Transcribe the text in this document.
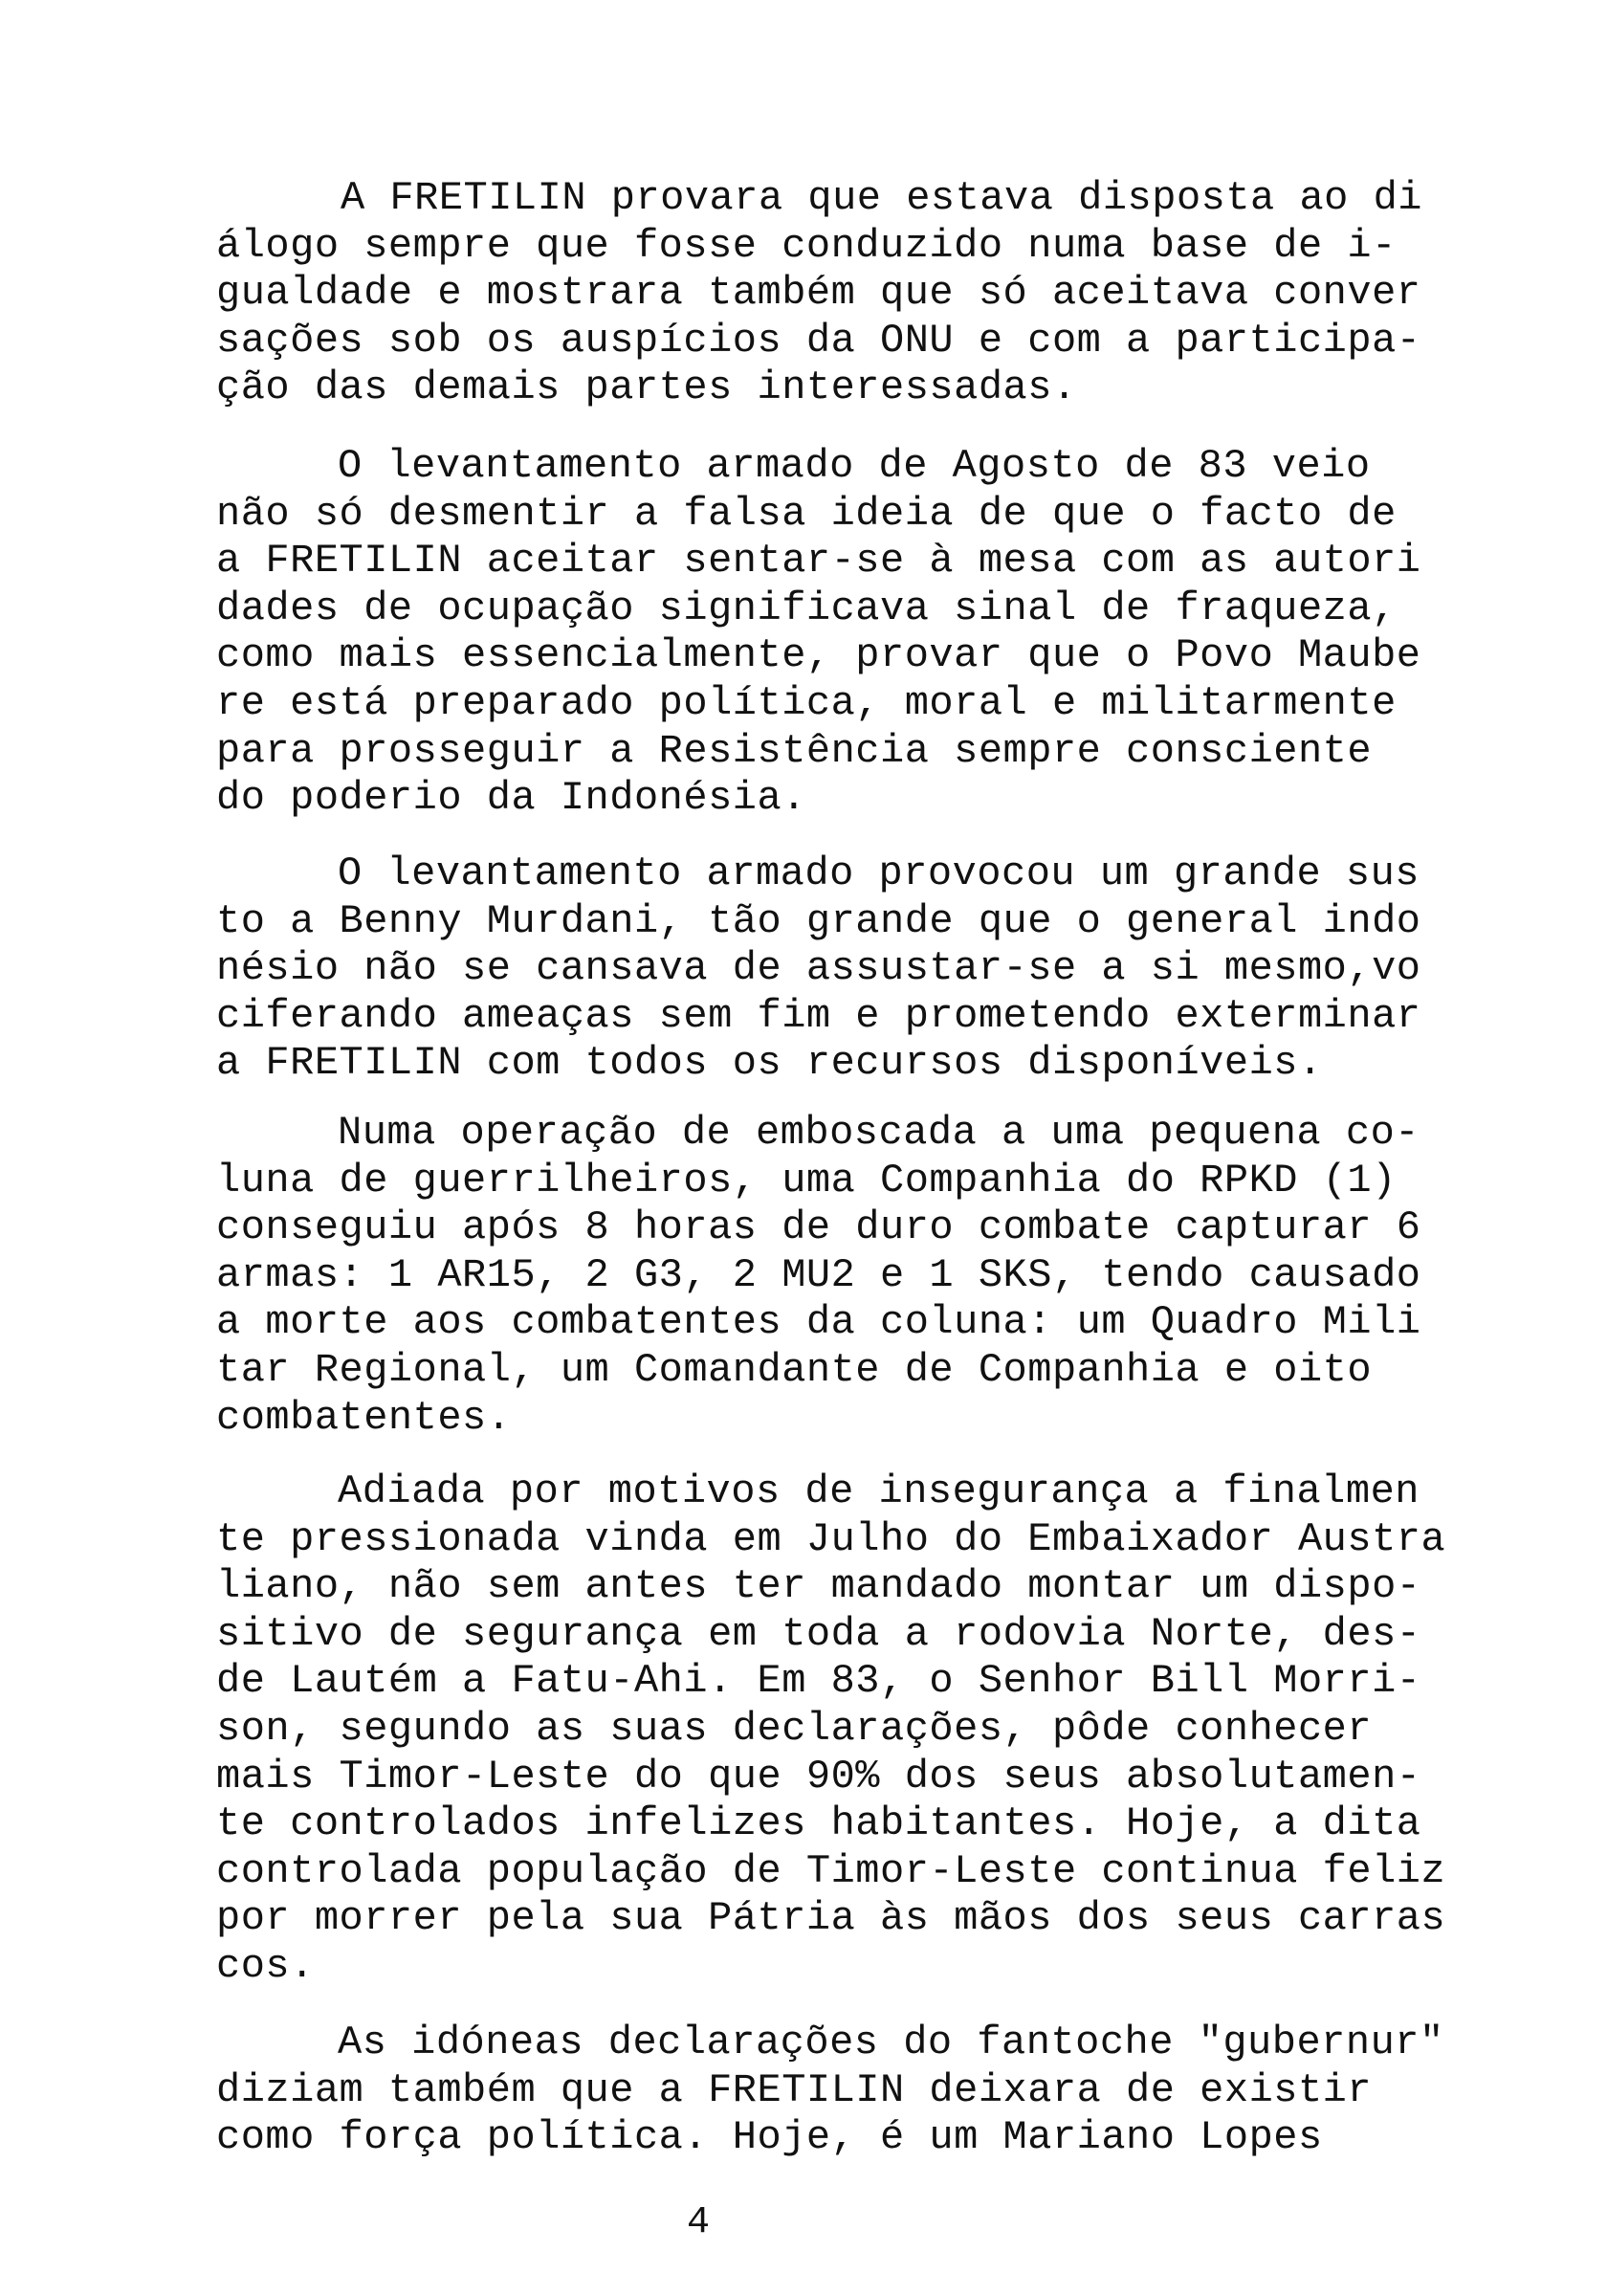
A FRETILIN provara que estava disposta ao di
álogo sempre que fosse conduzido numa base de i-
gualdade e mostrara também que só aceitava conver
sações sob os auspícios da ONU e com a participa-
ção das demais partes interessadas.
O levantamento armado de Agosto de 83 veio
não só desmentir a falsa ideia de que o facto de
a FRETILIN aceitar sentar-se à mesa com as autori
dades de ocupação significava sinal de fraqueza,
como mais essencialmente, provar que o Povo Maube
re está preparado política, moral e militarmente
para prosseguir a Resistência sempre consciente
do poderio da Indonésia.
O levantamento armado provocou um grande sus
to a Benny Murdani, tão grande que o general indo
nésio não se cansava de assustar-se a si mesmo,vo
ciferando ameaças sem fim e prometendo exterminar
a FRETILIN com todos os recursos disponíveis.
Numa operação de emboscada a uma pequena co-
luna de guerrilheiros, uma Companhia do RPKD (1)
conseguiu após 8 horas de duro combate capturar 6
armas: 1 AR15, 2 G3, 2 MU2 e 1 SKS, tendo causado
a morte aos combatentes da coluna: um Quadro Mili
tar Regional, um Comandante de Companhia e oito
combatentes.
Adiada por motivos de insegurança a finalmen
te pressionada vinda em Julho do Embaixador Austra
liano, não sem antes ter mandado montar um dispo-
sitivo de segurança em toda a rodovia Norte, des-
de Lautém a Fatu-Ahi. Em 83, o Senhor Bill Morri-
son, segundo as suas declarações, pôde conhecer
mais Timor-Leste do que 90% dos seus absolutamen-
te controlados infelizes habitantes. Hoje, a dita
controlada população de Timor-Leste continua feliz
por morrer pela sua Pátria às mãos dos seus carras
cos.
As idóneas declarações do fantoche "gubernur"
diziam também que a FRETILIN deixara de existir
como força política. Hoje, é um Mariano Lopes
4
